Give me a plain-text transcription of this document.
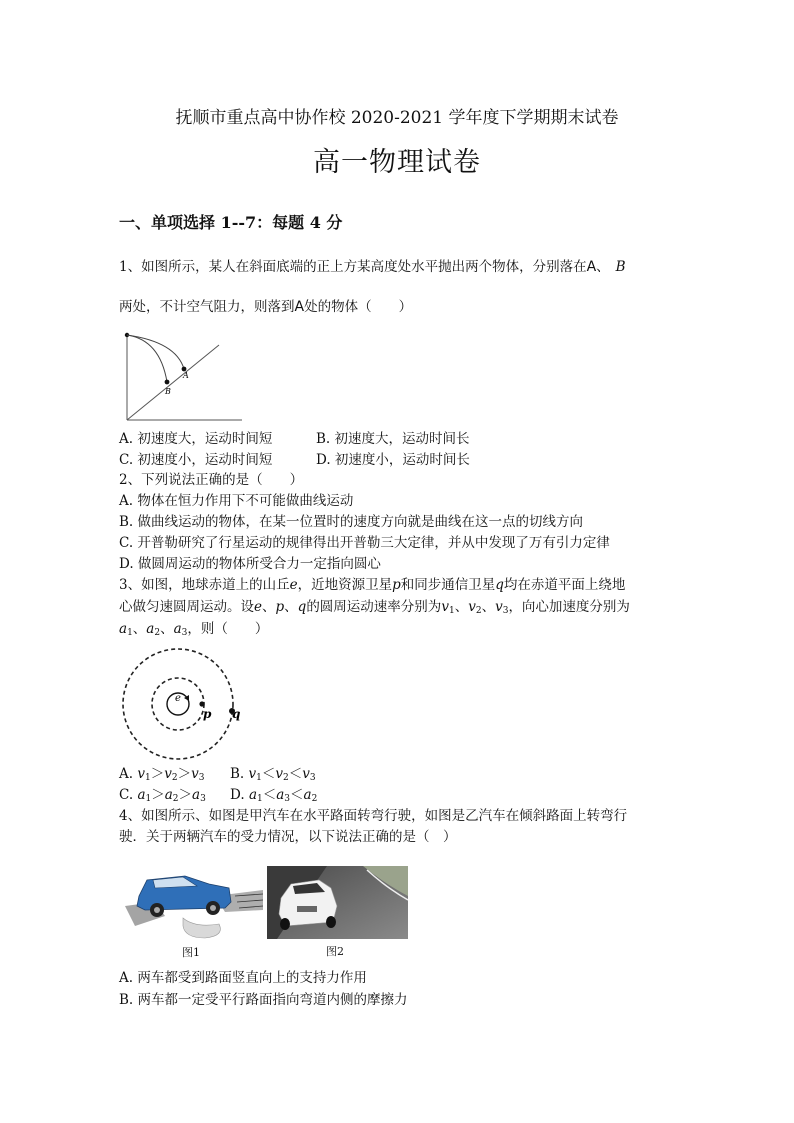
抚顺市重点高中协作校 2020-2021 学年度下学期期末试卷
高一物理试卷
一、单项选择 1--7：每题 4 分
1、如图所示，某人在斜面底端的正上方某高度处水平抛出两个物体，分别落在A、 B
两处，不计空气阻力，则落到A处的物体（　　）
B
A
A. 初速度大，运动时间短	B. 初速度大，运动时间长
C. 初速度小，运动时间短	D. 初速度小，运动时间长
2、下列说法正确的是（　　）
A. 物体在恒力作用下不可能做曲线运动
B. 做曲线运动的物体，在某一位置时的速度方向就是曲线在这一点的切线方向
C. 开普勒研究了行星运动的规律得出开普勒三大定律，并从中发现了万有引力定律
D. 做圆周运动的物体所受合力一定指向圆心
3、如图，地球赤道上的山丘e，近地资源卫星p和同步通信卫星q均在赤道平面上绕地
心做匀速圆周运动。设e、p、q的圆周运动速率分别为$v_1$、$v_2$、$v_3$，向心加速度分别为
$a_1$、$a_2$、$a_3$，则（　　）
e
p q
A. $v_1>v_2>v_3$ B. $v_1<v_2<v_3$
C. $a_1>a_2>a_3$ D. $a_1<a_3<a_2$
4、如图所示、如图是甲汽车在水平路面转弯行驶，如图是乙汽车在倾斜路面上转弯行
驶．关于两辆汽车的受力情况，以下说法正确的是（　）
图1	图2
A. 两车都受到路面竖直向上的支持力作用
B. 两车都一定受平行路面指向弯道内侧的摩擦力
